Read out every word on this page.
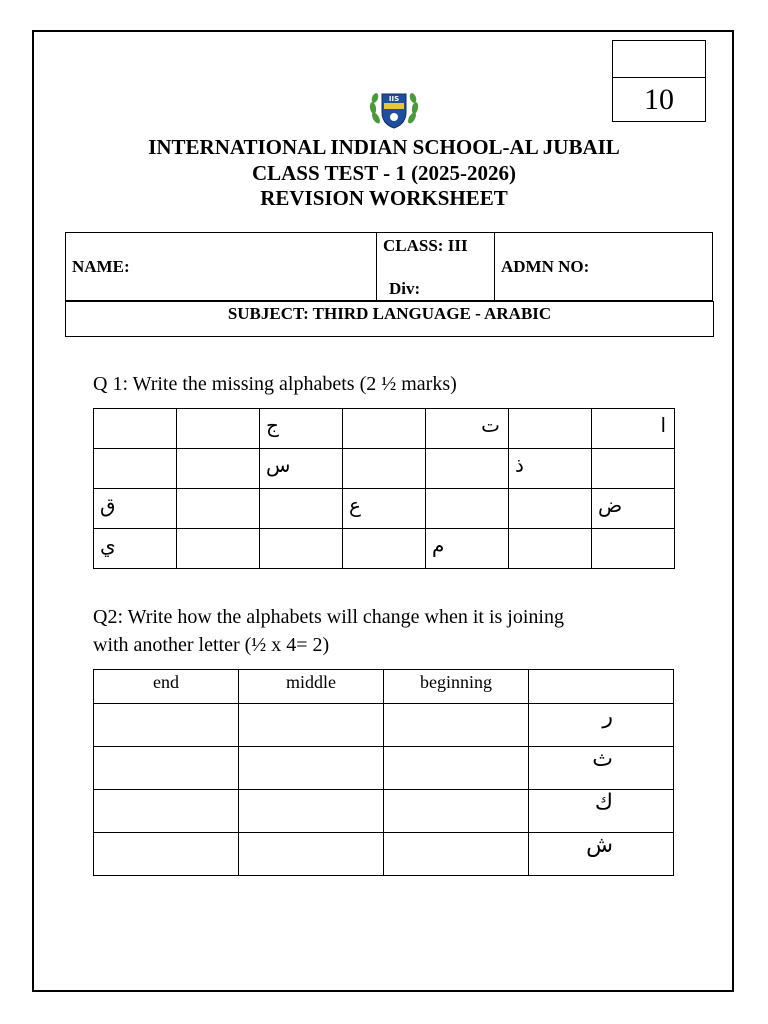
10
IIS
INTERNATIONAL INDIAN SCHOOL-AL JUBAIL
CLASS TEST - 1 (2025-2026)
REVISION WORKSHEET
NAME:	
CLASS: III
Div:
	ADMN NO:
SUBJECT: THIRD LANGUAGE - ARABIC
Q 1: Write the missing alphabets (2 ½ marks)

		ج		ت		ا

		س			ذ	

ق			ع			ض

ي				م		

Q2: Write how the alphabets will change when it is joining
with another letter (½ x 4= 2)
end	middle	beginning	
			ر
			ث
			ك
			ش
